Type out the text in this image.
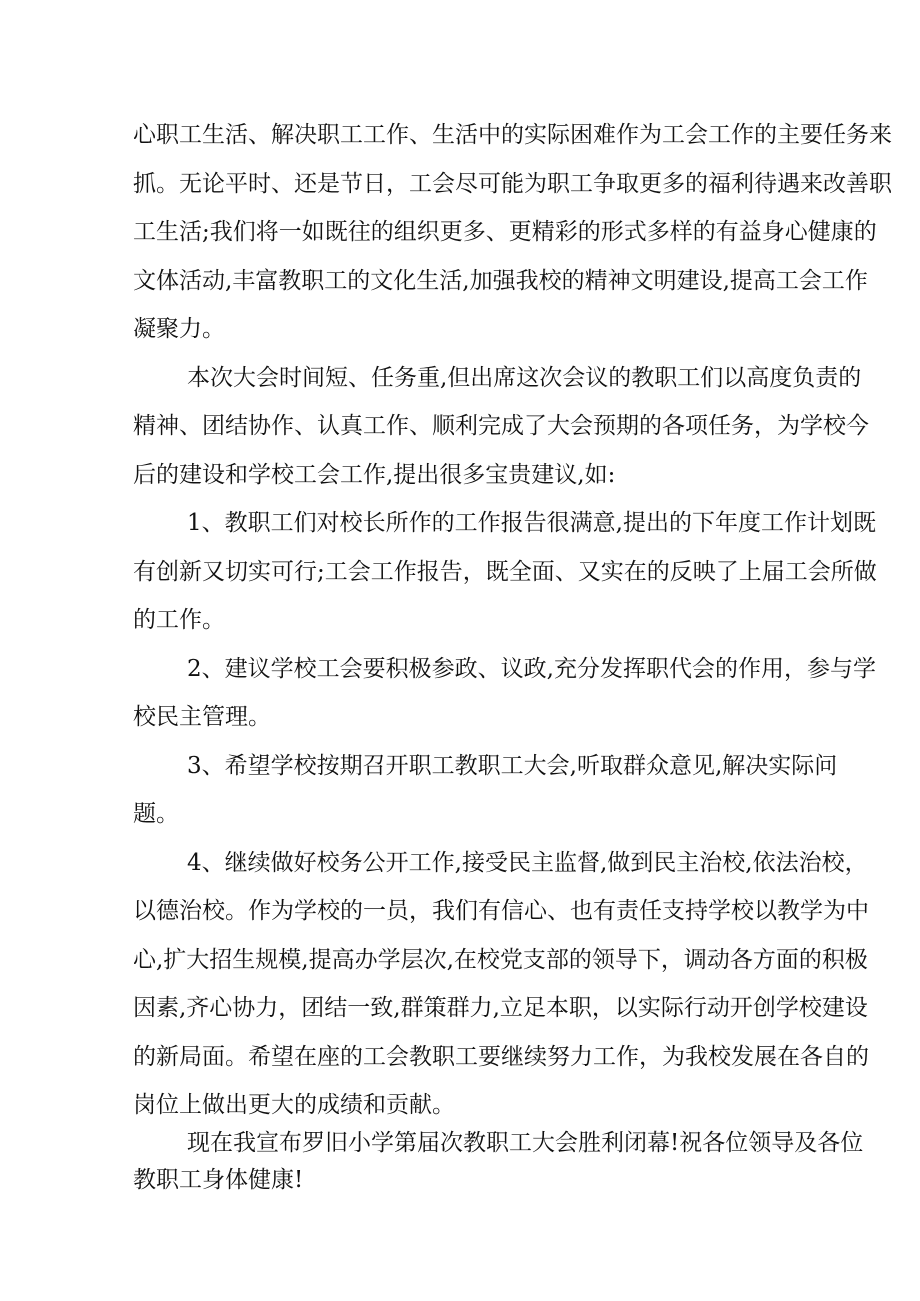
心职工生活、解决职工工作、生活中的实际困难作为工会工作的主要任务来
抓。无论平时、还是节日，工会尽可能为职工争取更多的福利待遇来改善职
工生活;我们将一如既往的组织更多、更精彩的形式多样的有益身心健康的
文体活动,丰富教职工的文化生活,加强我校的精神文明建设,提高工会工作
凝聚力。
本次大会时间短、任务重,但出席这次会议的教职工们以高度负责的
精神、团结协作、认真工作、顺利完成了大会预期的各项任务，为学校今
后的建设和学校工会工作,提出很多宝贵建议,如:
1、教职工们对校长所作的工作报告很满意,提出的下年度工作计划既
有创新又切实可行;工会工作报告，既全面、又实在的反映了上届工会所做
的工作。
2、建议学校工会要积极参政、议政,充分发挥职代会的作用，参与学
校民主管理。
3、希望学校按期召开职工教职工大会,听取群众意见,解决实际问
题。
4、继续做好校务公开工作,接受民主监督,做到民主治校,依法治校，
以德治校。作为学校的一员，我们有信心、也有责任支持学校以教学为中
心,扩大招生规模,提高办学层次,在校党支部的领导下，调动各方面的积极
因素,齐心协力，团结一致,群策群力,立足本职，以实际行动开创学校建设
的新局面。希望在座的工会教职工要继续努力工作，为我校发展在各自的
岗位上做出更大的成绩和贡献。
现在我宣布罗旧小学第届次教职工大会胜利闭幕!祝各位领导及各位
教职工身体健康!
